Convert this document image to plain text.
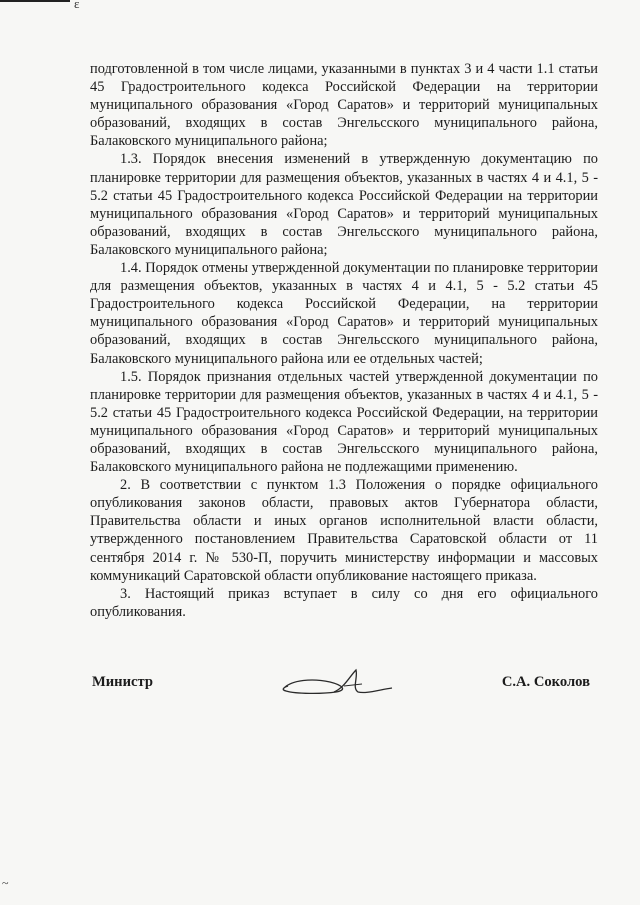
ɛ

подготовленной в том числе лицами, указанными в пунктах 3 и 4 части 1.1 статьи 45 Градостроительного кодекса Российской Федерации на территории муниципального образования «Город Саратов» и территорий муниципальных образований, входящих в состав Энгельсского муниципального района, Балаковского муниципального района;

1.3. Порядок внесения изменений в утвержденную документацию по планировке территории для размещения объектов, указанных в частях 4 и 4.1, 5 - 5.2 статьи 45 Градостроительного кодекса Российской Федерации на территории муниципального образования «Город Саратов» и территорий муниципальных образований, входящих в состав Энгельсского муниципального района, Балаковского муниципального района;

1.4. Порядок отмены утвержденной документации по планировке территории для размещения объектов, указанных в частях 4 и 4.1, 5 - 5.2 статьи 45 Градостроительного кодекса Российской Федерации, на территории муниципального образования «Город Саратов» и территорий муниципальных образований, входящих в состав Энгельсского муниципального района, Балаковского муниципального района или ее отдельных частей;

1.5. Порядок признания отдельных частей утвержденной документации по планировке территории для размещения объектов, указанных в частях 4 и 4.1, 5 - 5.2 статьи 45 Градостроительного кодекса Российской Федерации, на территории муниципального образования «Город Саратов» и территорий муниципальных образований, входящих в состав Энгельсского муниципального района, Балаковского муниципального района не подлежащими применению.

2. В соответствии с пунктом 1.3 Положения о порядке официального опубликования законов области, правовых актов Губернатора области, Правительства области и иных органов исполнительной власти области, утвержденного постановлением Правительства Саратовской области от 11 сентября 2014 г. № 530-П, поручить министерству информации и массовых коммуникаций Саратовской области опубликование настоящего приказа.

3. Настоящий приказ вступает в силу со дня его официального опубликования.

Министр	С.А. Соколов
~
